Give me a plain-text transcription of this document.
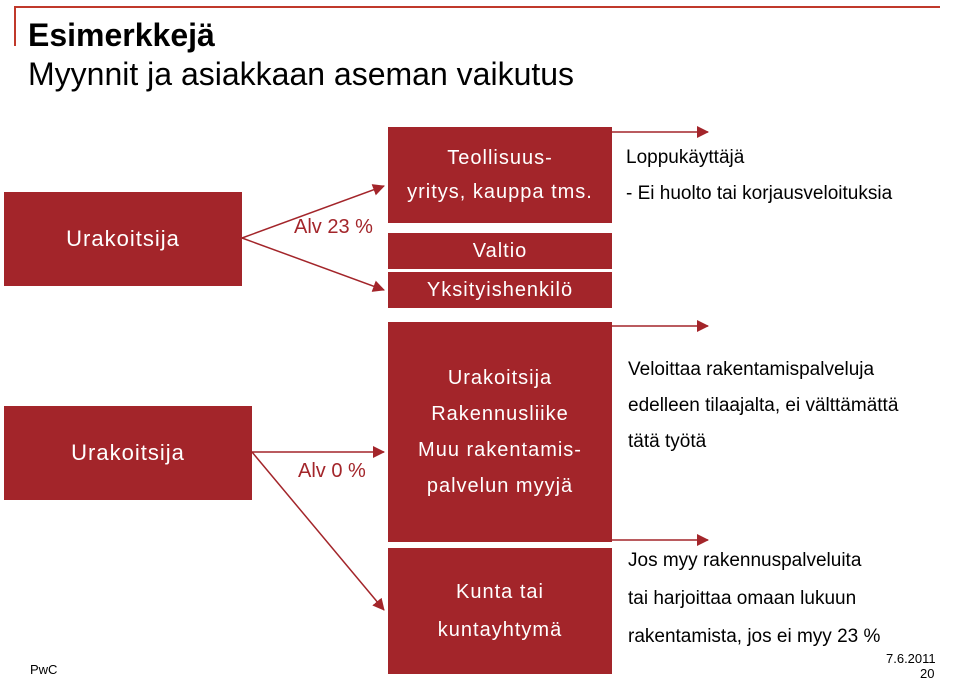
Esimerkkejä
Myynnit ja asiakkaan aseman vaikutus
Urakoitsija	Alv 23 %
Teollisuus-
yritys, kauppa tms.
Valtio
Yksityishenkilö
Loppukäyttäjä
- Ei huolto tai korjausveloituksia
Urakoitsija
Alv 0 %
Urakoitsija
Rakennusliike
Muu rakentamis-
palvelun myyjä
Veloittaa rakentamispalveluja
edelleen tilaajalta, ei välttämättä
tätä työtä
Kunta tai
kuntayhtymä
Jos myy rakennuspalveluita
tai harjoittaa omaan lukuun
rakentamista, jos ei myy 23 %
PwC
7.6.2011
20
